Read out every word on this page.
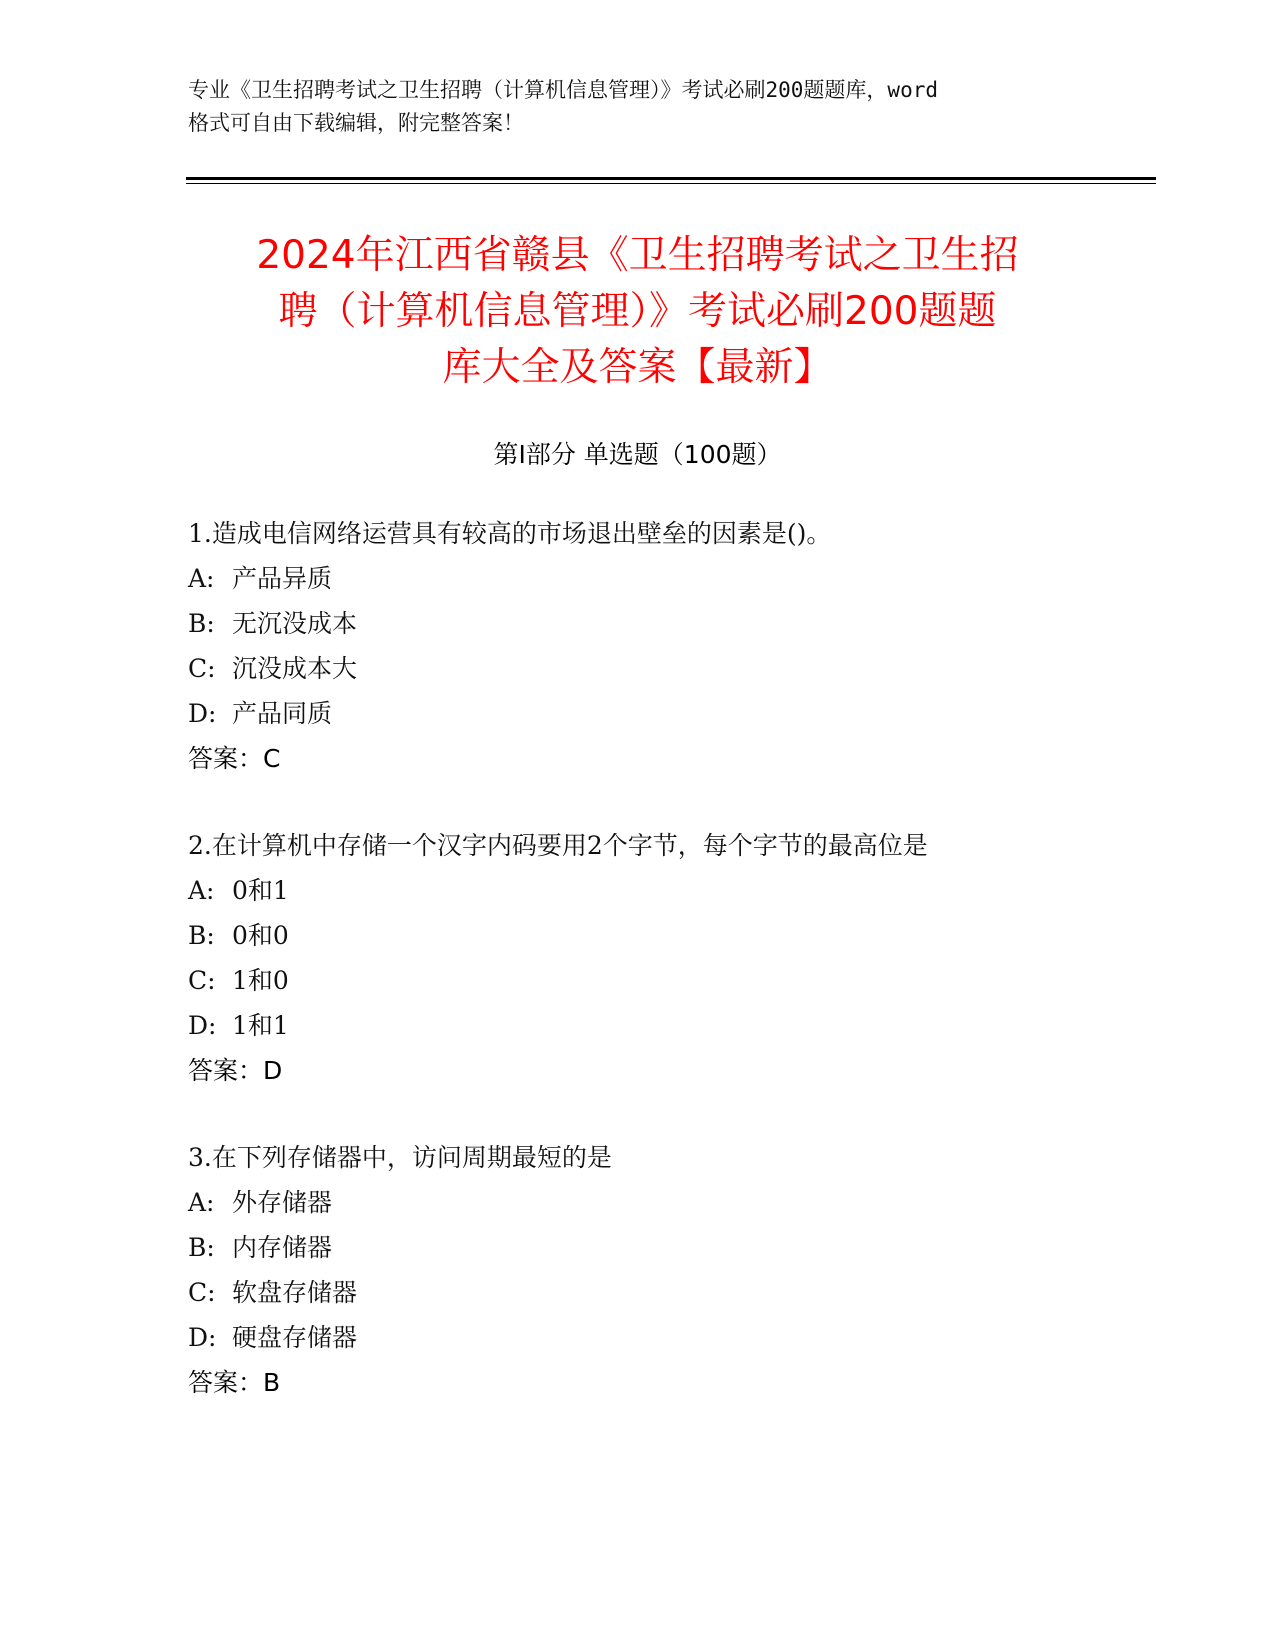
专业《卫生招聘考试之卫生招聘（计算机信息管理）》考试必刷200题题库，word
格式可自由下载编辑，附完整答案！
2024年江西省赣县《卫生招聘考试之卫生招
聘（计算机信息管理）》考试必刷200题题
库大全及答案【最新】
第Ⅰ部分 单选题（100题）
1.造成电信网络运营具有较高的市场退出壁垒的因素是()。
A: 产品异质
B: 无沉没成本
C: 沉没成本大
D: 产品同质
答案：C
2.在计算机中存储一个汉字内码要用2个字节，每个字节的最高位是
A: 0和1
B: 0和0
C: 1和0
D: 1和1
答案：D
3.在下列存储器中，访问周期最短的是
A: 外存储器
B: 内存储器
C: 软盘存储器
D: 硬盘存储器
答案：B
